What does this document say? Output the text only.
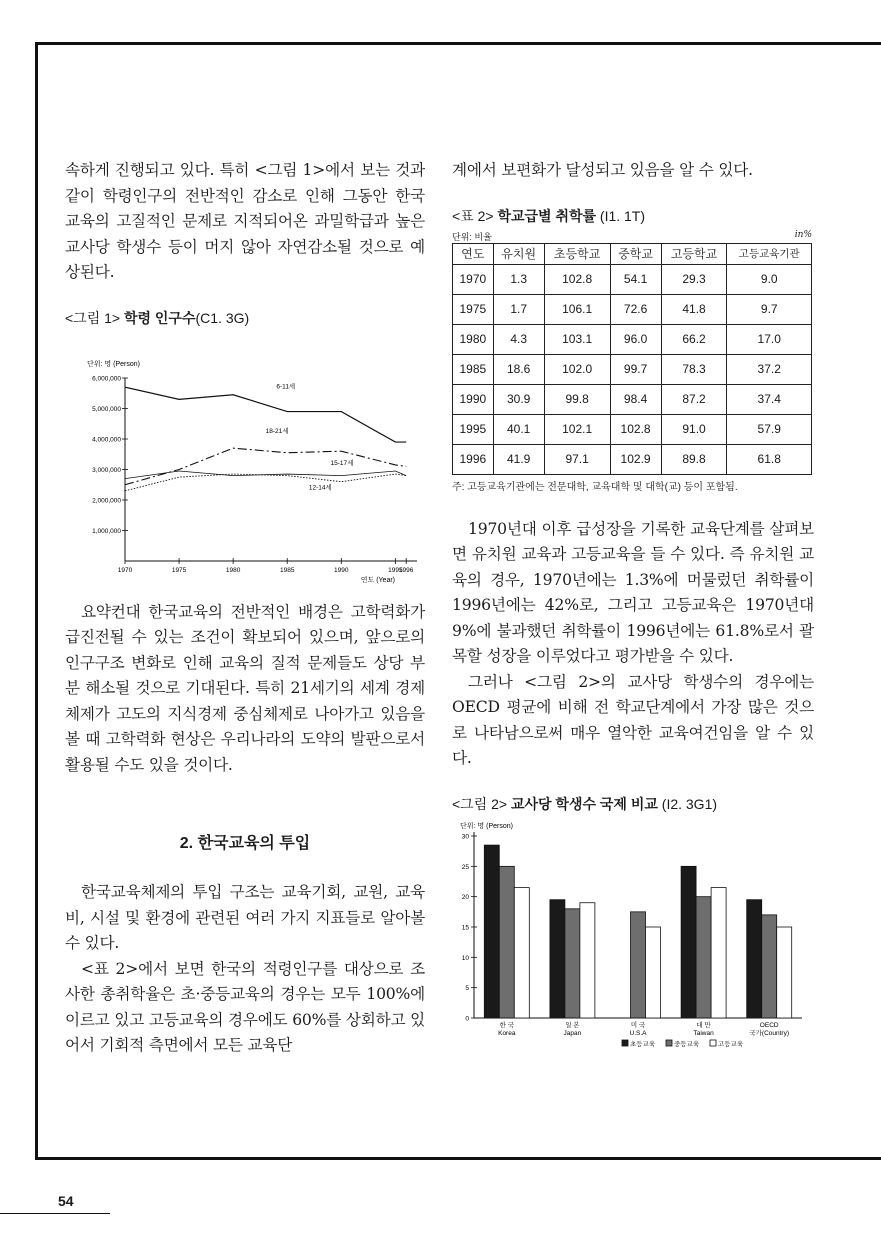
속하게 진행되고 있다. 특히 <그림 1>에서 보는 것과 같이 학령인구의 전반적인 감소로 인해 그동안 한국 교육의 고질적인 문제로 지적되어온 과밀학급과 높은 교사당 학생수 등이 머지 않아 자연감소될 것으로 예상된다.

<그림 1> 학령 인구수(C1. 3G)

단위: 명 (Person)
1,000,000
2,000,000
3,000,000
4,000,000
5,000,000
6,000,000
1970	1975	1980	1985	1990	1995
1996
6-11세
18-21세
15-17세
12-14세
연도 (Year)

요약컨대 한국교육의 전반적인 배경은 고학력화가 급진전될 수 있는 조건이 확보되어 있으며, 앞으로의 인구구조 변화로 인해 교육의 질적 문제들도 상당 부분 해소될 것으로 기대된다. 특히 21세기의 세계 경제체제가 고도의 지식경제 중심체제로 나아가고 있음을 볼 때 고학력화 현상은 우리나라의 도약의 발판으로서 활용될 수도 있을 것이다.

2. 한국교육의 투입

한국교육체제의 투입 구조는 교육기회, 교원, 교육비, 시설 및 환경에 관련된 여러 가지 지표들로 알아볼 수 있다.

<표 2>에서 보면 한국의 적령인구를 대상으로 조사한 총취학율은 초·중등교육의 경우는 모두 100%에 이르고 있고 고등교육의 경우에도 60%를 상회하고 있어서 기회적 측면에서 모든 교육단

계에서 보편화가 달성되고 있음을 알 수 있다.

<표 2> 학교급별 취학률 (I1. 1T)

단위: 비율	in%
연도	유치원	초등학교	중학교	고등학교	고등교육기관
1970	1.3	102.8	54.1	29.3	9.0
1975	1.7	106.1	72.6	41.8	9.7
1980	4.3	103.1	96.0	66.2	17.0
1985	18.6	102.0	99.7	78.3	37.2
1990	30.9	99.8	98.4	87.2	37.4
1995	40.1	102.1	102.8	91.0	57.9
1996	41.9	97.1	102.9	89.8	61.8
주: 고등교육기관에는 전문대학, 교육대학 및 대학(교) 등이 포함됨.

1970년대 이후 급성장을 기록한 교육단계를 살펴보면 유치원 교육과 고등교육을 들 수 있다. 즉 유치원 교육의 경우, 1970년에는 1.3%에 머물렀던 취학률이 1996년에는 42%로, 그리고 고등교육은 1970년대 9%에 불과했던 취학률이 1996년에는 61.8%로서 괄목할 성장을 이루었다고 평가받을 수 있다.

그러나 <그림 2>의 교사당 학생수의 경우에는 OECD 평균에 비해 전 학교단계에서 가장 많은 것으로 나타남으로써 매우 열악한 교육여건임을 알 수 있다.

<그림 2> 교사당 학생수 국제 비교 (I2. 3G1)

단위: 명 (Person)
0
5
10
15
20
25
30
한 국
Korea
일 본
Japan
미 국
U.S.A
대 만
Taiwan
OECD
국가(Country)
초등교육	중등교육	고등교육
54
